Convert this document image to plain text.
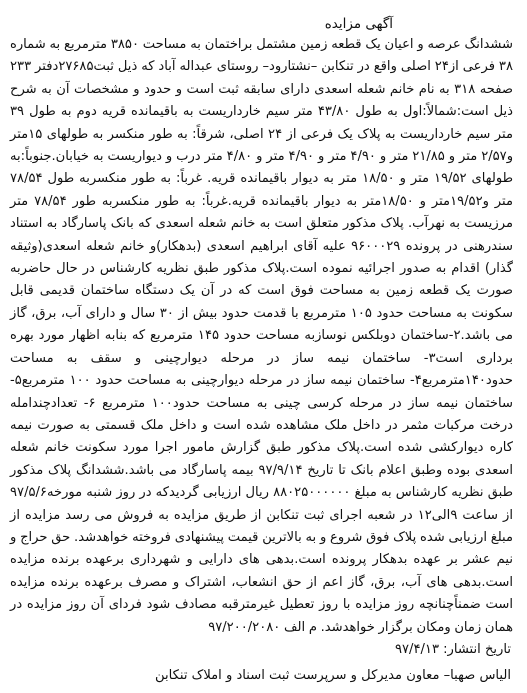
آگهی مزایده

ششدانگ عرصه و اعیان یک قطعه زمین مشتمل براختمان به مساحت ۳۸۵۰ مترمربع به شماره ۳۸ فرعی از۲۴ اصلی واقع در تنکابن –نشتارود– روستای عبداله آباد که ذیل ثبت۲۷۶۸۵دفتر ۲۳۳ صفحه ۳۱۸ به نام خانم شعله اسعدی دارای سابقه ثبت است و حدود و مشخصات آن به شرح ذیل است:شمالاً:اول به طول ۴۳/۸۰ متر سیم خارداریست به باقیمانده قریه دوم به طول ۳۹ متر سیم خارداریست به پلاک یک فرعی از ۲۴ اصلی، شرقاً: به طور منکسر به طولهای ۱۵متر و۲/۵۷ متر و ۲۱/۸۵ متر و ۴/۹۰ متر و ۴/۹۰ متر و ۴/۸۰ متر درب و دیواریست به خیابان.جنوباً:به طولهای ۱۹/۵۲ متر و ۱۸/۵۰ متر به دیوار باقیمانده قریه. غرباً: به طور منکسربه طول ۷۸/۵۴ متر و۱۹/۵۲متر و ۱۸/۵۰متر به دیوار باقیمانده قریه.غرباً: به طور منکسربه طور ۷۸/۵۴ متر مرزیست به نهرآب. پلاک مذکور متعلق است به خانم شعله اسعدی که بانک پاسارگاد به استناد سندرهنی در پرونده ۹۶۰۰۰۲۹ علیه آقای ابراهیم اسعدی (بدهکار)و خانم شعله اسعدی(وثیقه گذار) اقدام به صدور اجرائیه نموده است.پلاک مذکور طبق نظریه کارشناس در حال حاضربه صورت یک قطعه زمین به مساحت فوق است که در آن یک دستگاه ساختمان قدیمی قابل سکونت به مساحت حدود ۱۰۵ مترمربع با قدمت حدود بیش از ۳۰ سال و دارای آب، برق، گاز می باشد.۲-ساختمان دوبلکس نوسازبه مساحت حدود ۱۴۵ مترمربع که بنابه اظهار مورد بهره برداری است۳- ساختمان نیمه ساز در مرحله دیوارچینی و سقف به مساحت حدود۱۴۰مترمربع۴- ساختمان نیمه ساز در مرحله دیوارچینی به مساحت حدود ۱۰۰ مترمربع۵-ساختمان نیمه ساز در مرحله کرسی چینی به مساحت حدود۱۰۰ مترمربع ۶- تعدادچندامله درخت مرکبات مثمر در داخل ملک مشاهده شده است و داخل ملک قسمتی به صورت نیمه کاره دیوارکشی شده است.پلاک مذکور طبق گزارش مامور اجرا مورد سکونت خانم شعله اسعدی بوده وطبق اعلام بانک تا تاریخ ۹۷/۹/۱۴ بیمه پاسارگاد می باشد.ششدانگ پلاک مذکور طبق نظریه کارشناس به مبلغ ۸۸۰۲۵۰۰۰۰۰۰ ریال ارزیابی گردیدکه در روز شنبه مورخه۹۷/۵/۶ از ساعت ۹الی۱۲ در شعبه اجرای ثبت تنکابن از طریق مزایده به فروش می رسد مزایده از مبلغ ارزیابی شده پلاک فوق شروع و به بالاترین قیمت پیشنهادی فروخته خواهدشد. حق حراج و نیم عشر بر عهده بدهکار پرونده است.بدهی های دارایی و شهرداری برعهده برنده مزایده است.بدهی های آب، برق، گاز اعم از حق انشعاب، اشتراک و مصرف برعهده برنده مزایده است ضمناًچنانچه روز مزایده با روز تعطیل غیرمترقبه مصادف شود فردای آن روز مزایده در همان زمان ومکان برگزار خواهدشد. م الف ۹۷/۲۰۰/۲۰۸۰

تاریخ انتشار: ۹۷/۴/۱۳

الیاس صهبا– معاون مدیرکل و سرپرست ثبت اسناد و املاک تنکابن
